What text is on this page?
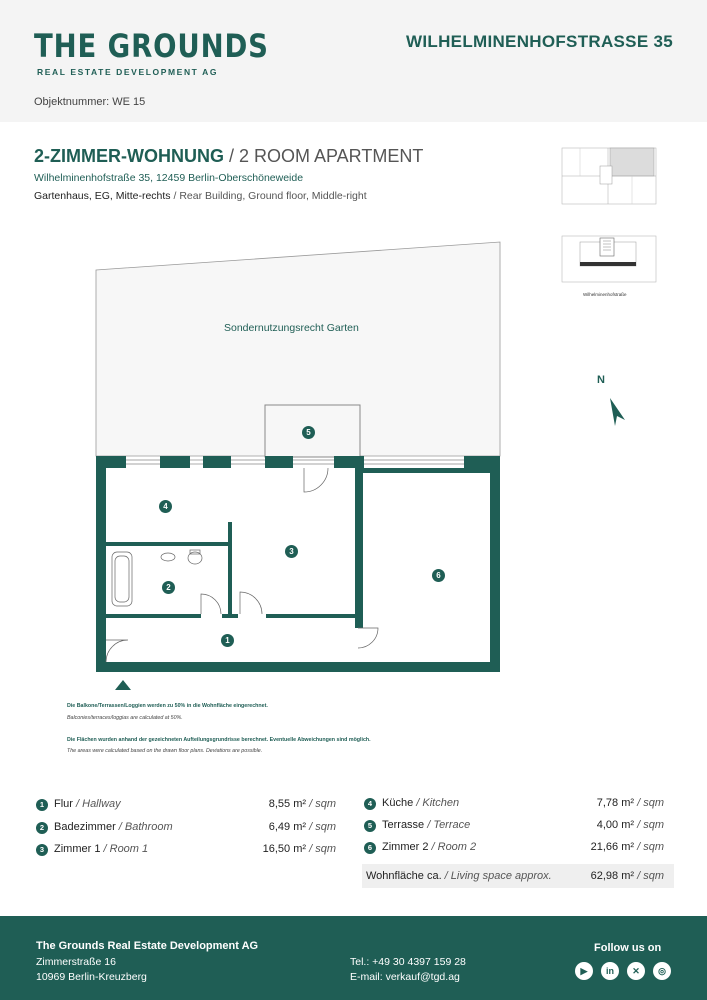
THE GROUNDS
REAL ESTATE DEVELOPMENT AG
WILHELMINENHOFSTRASSE 35
Objektnummer: WE 15
2-ZIMMER-WOHNUNG / 2 ROOM APARTMENT
Wilhelminenhofstraße 35, 12459 Berlin-Oberschöneweide
Gartenhaus, EG, Mitte-rechts / Rear Building, Ground floor, Middle-right
Wilhelminenhofstraße
Sondernutzungsrecht Garten
N
1
2
3
4
5
6
Die Balkone/Terrassen/Loggien werden zu 50% in die Wohnfläche eingerechnet.
Balconies/terraces/loggias are calculated at 50%.
Die Flächen wurden anhand der gezeichneten Aufteilungsgrundrisse berechnet. Eventuelle Abweichungen sind möglich.
The areas were calculated based on the drawn floor plans. Deviations are possible.
1 Flur / Hallway	8,55 m² / sqm
2 Badezimmer / Bathroom	6,49 m² / sqm
3 Zimmer 1 / Room 1	16,50 m² / sqm
4 Küche / Kitchen	7,78 m² / sqm
5 Terrasse / Terrace	4,00 m² / sqm
6 Zimmer 2 / Room 2	21,66 m² / sqm
Wohnfläche ca. / Living space approx.	62,98 m² / sqm
The Grounds Real Estate Development AG
Zimmerstraße 16
10969 Berlin-Kreuzberg
Tel.: +49 30 4397 159 28
E-mail: verkauf@tgd.ag
Follow us on
▶	in	✕	◎
